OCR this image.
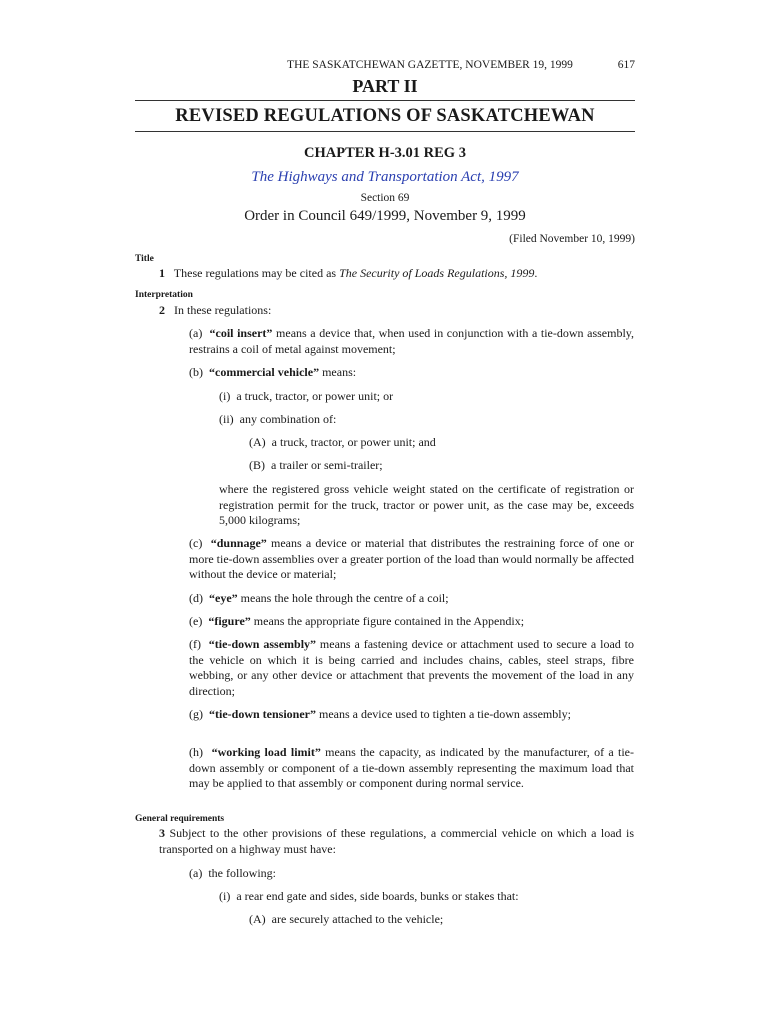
THE SASKATCHEWAN GAZETTE, NOVEMBER 19, 1999	617
PART II
REVISED REGULATIONS OF SASKATCHEWAN
CHAPTER H-3.01 REG 3
The Highways and Transportation Act, 1997
Section 69
Order in Council 649/1999, November 9, 1999
(Filed November 10, 1999)
Title
1 These regulations may be cited as The Security of Loads Regulations, 1999.
Interpretation
2 In these regulations:
(a) “coil insert” means a device that, when used in conjunction with a tie-down assembly, restrains a coil of metal against movement;
(b) “commercial vehicle” means:
(i) a truck, tractor, or power unit; or
(ii) any combination of:
(A) a truck, tractor, or power unit; and
(B) a trailer or semi-trailer;
where the registered gross vehicle weight stated on the certificate of registration or registration permit for the truck, tractor or power unit, as the case may be, exceeds 5,000 kilograms;
(c) “dunnage” means a device or material that distributes the restraining force of one or more tie-down assemblies over a greater portion of the load than would normally be affected without the device or material;
(d) “eye” means the hole through the centre of a coil;
(e) “figure” means the appropriate figure contained in the Appendix;
(f) “tie-down assembly” means a fastening device or attachment used to secure a load to the vehicle on which it is being carried and includes chains, cables, steel straps, fibre webbing, or any other device or attachment that prevents the movement of the load in any direction;
(g) “tie-down tensioner” means a device used to tighten a tie-down assembly;
(h) “working load limit” means the capacity, as indicated by the manufacturer, of a tie-down assembly or component of a tie-down assembly representing the maximum load that may be applied to that assembly or component during normal service.
General requirements
3 Subject to the other provisions of these regulations, a commercial vehicle on which a load is transported on a highway must have:
(a) the following:
(i) a rear end gate and sides, side boards, bunks or stakes that:
(A) are securely attached to the vehicle;
